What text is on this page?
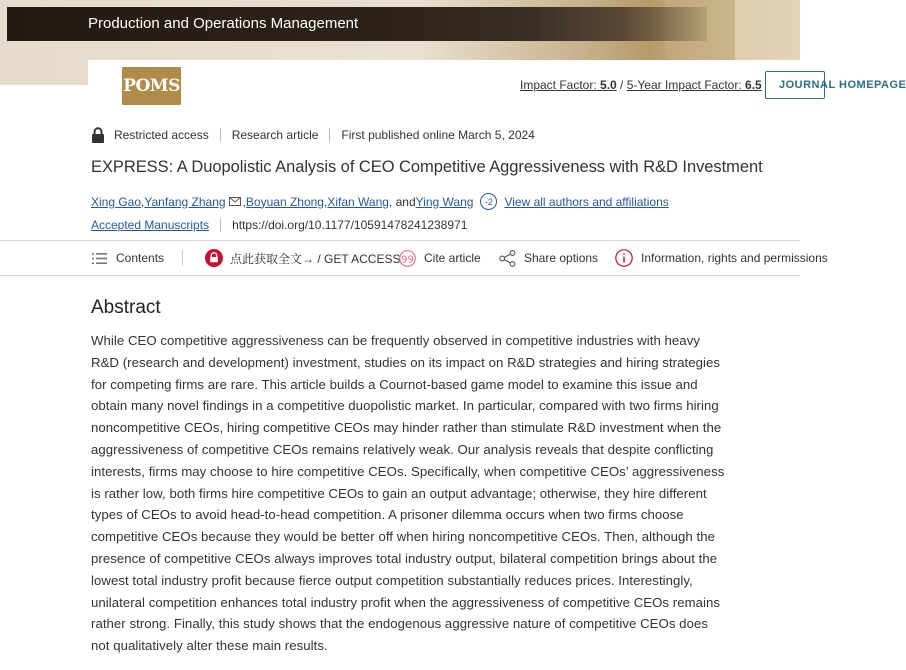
Production and Operations Management
POMS	Impact Factor: 5.0 / 5-Year Impact Factor: 6.5	JOURNAL HOMEPAGE
Restricted access Research article First published online March 5, 2024
EXPRESS: A Duopolistic Analysis of CEO Competitive Aggressiveness with R&D Investment
Xing Gao , Yanfang Zhang , Boyuan Zhong , Xifan Wang , and Ying Wang	-2 View all authors and affiliations
Accepted Manuscripts https://doi.org/10.1177/10591478241238971
Contents	点此获取全文→ / GET ACCESS 99 Cite article	Share options	Information, rights and permissions
Abstract
While CEO competitive aggressiveness can be frequently observed in competitive industries with heavy R&D (research and development) investment, studies on its impact on R&D strategies and hiring strategies for competing firms are rare. This article builds a Cournot-based game model to examine this issue and obtain many novel findings in a competitive duopolistic market. In particular, compared with two firms hiring noncompetitive CEOs, hiring competitive CEOs may hinder rather than stimulate R&D investment when the aggressiveness of competitive CEOs remains relatively weak. Our analysis reveals that despite conflicting interests, firms may choose to hire competitive CEOs. Specifically, when competitive CEOs’ aggressiveness is rather low, both firms hire competitive CEOs to gain an output advantage; otherwise, they hire different types of CEOs to avoid head-to-head competition. A prisoner dilemma occurs when two firms choose competitive CEOs because they would be better off when hiring noncompetitive CEOs. Then, although the presence of competitive CEOs always improves total industry output, bilateral competition brings about the lowest total industry profit because fierce output competition substantially reduces prices. Interestingly, unilateral competition enhances total industry profit when the aggressiveness of competitive CEOs remains rather strong. Finally, this study shows that the endogenous aggressive nature of competitive CEOs does not qualitatively alter these main results.
